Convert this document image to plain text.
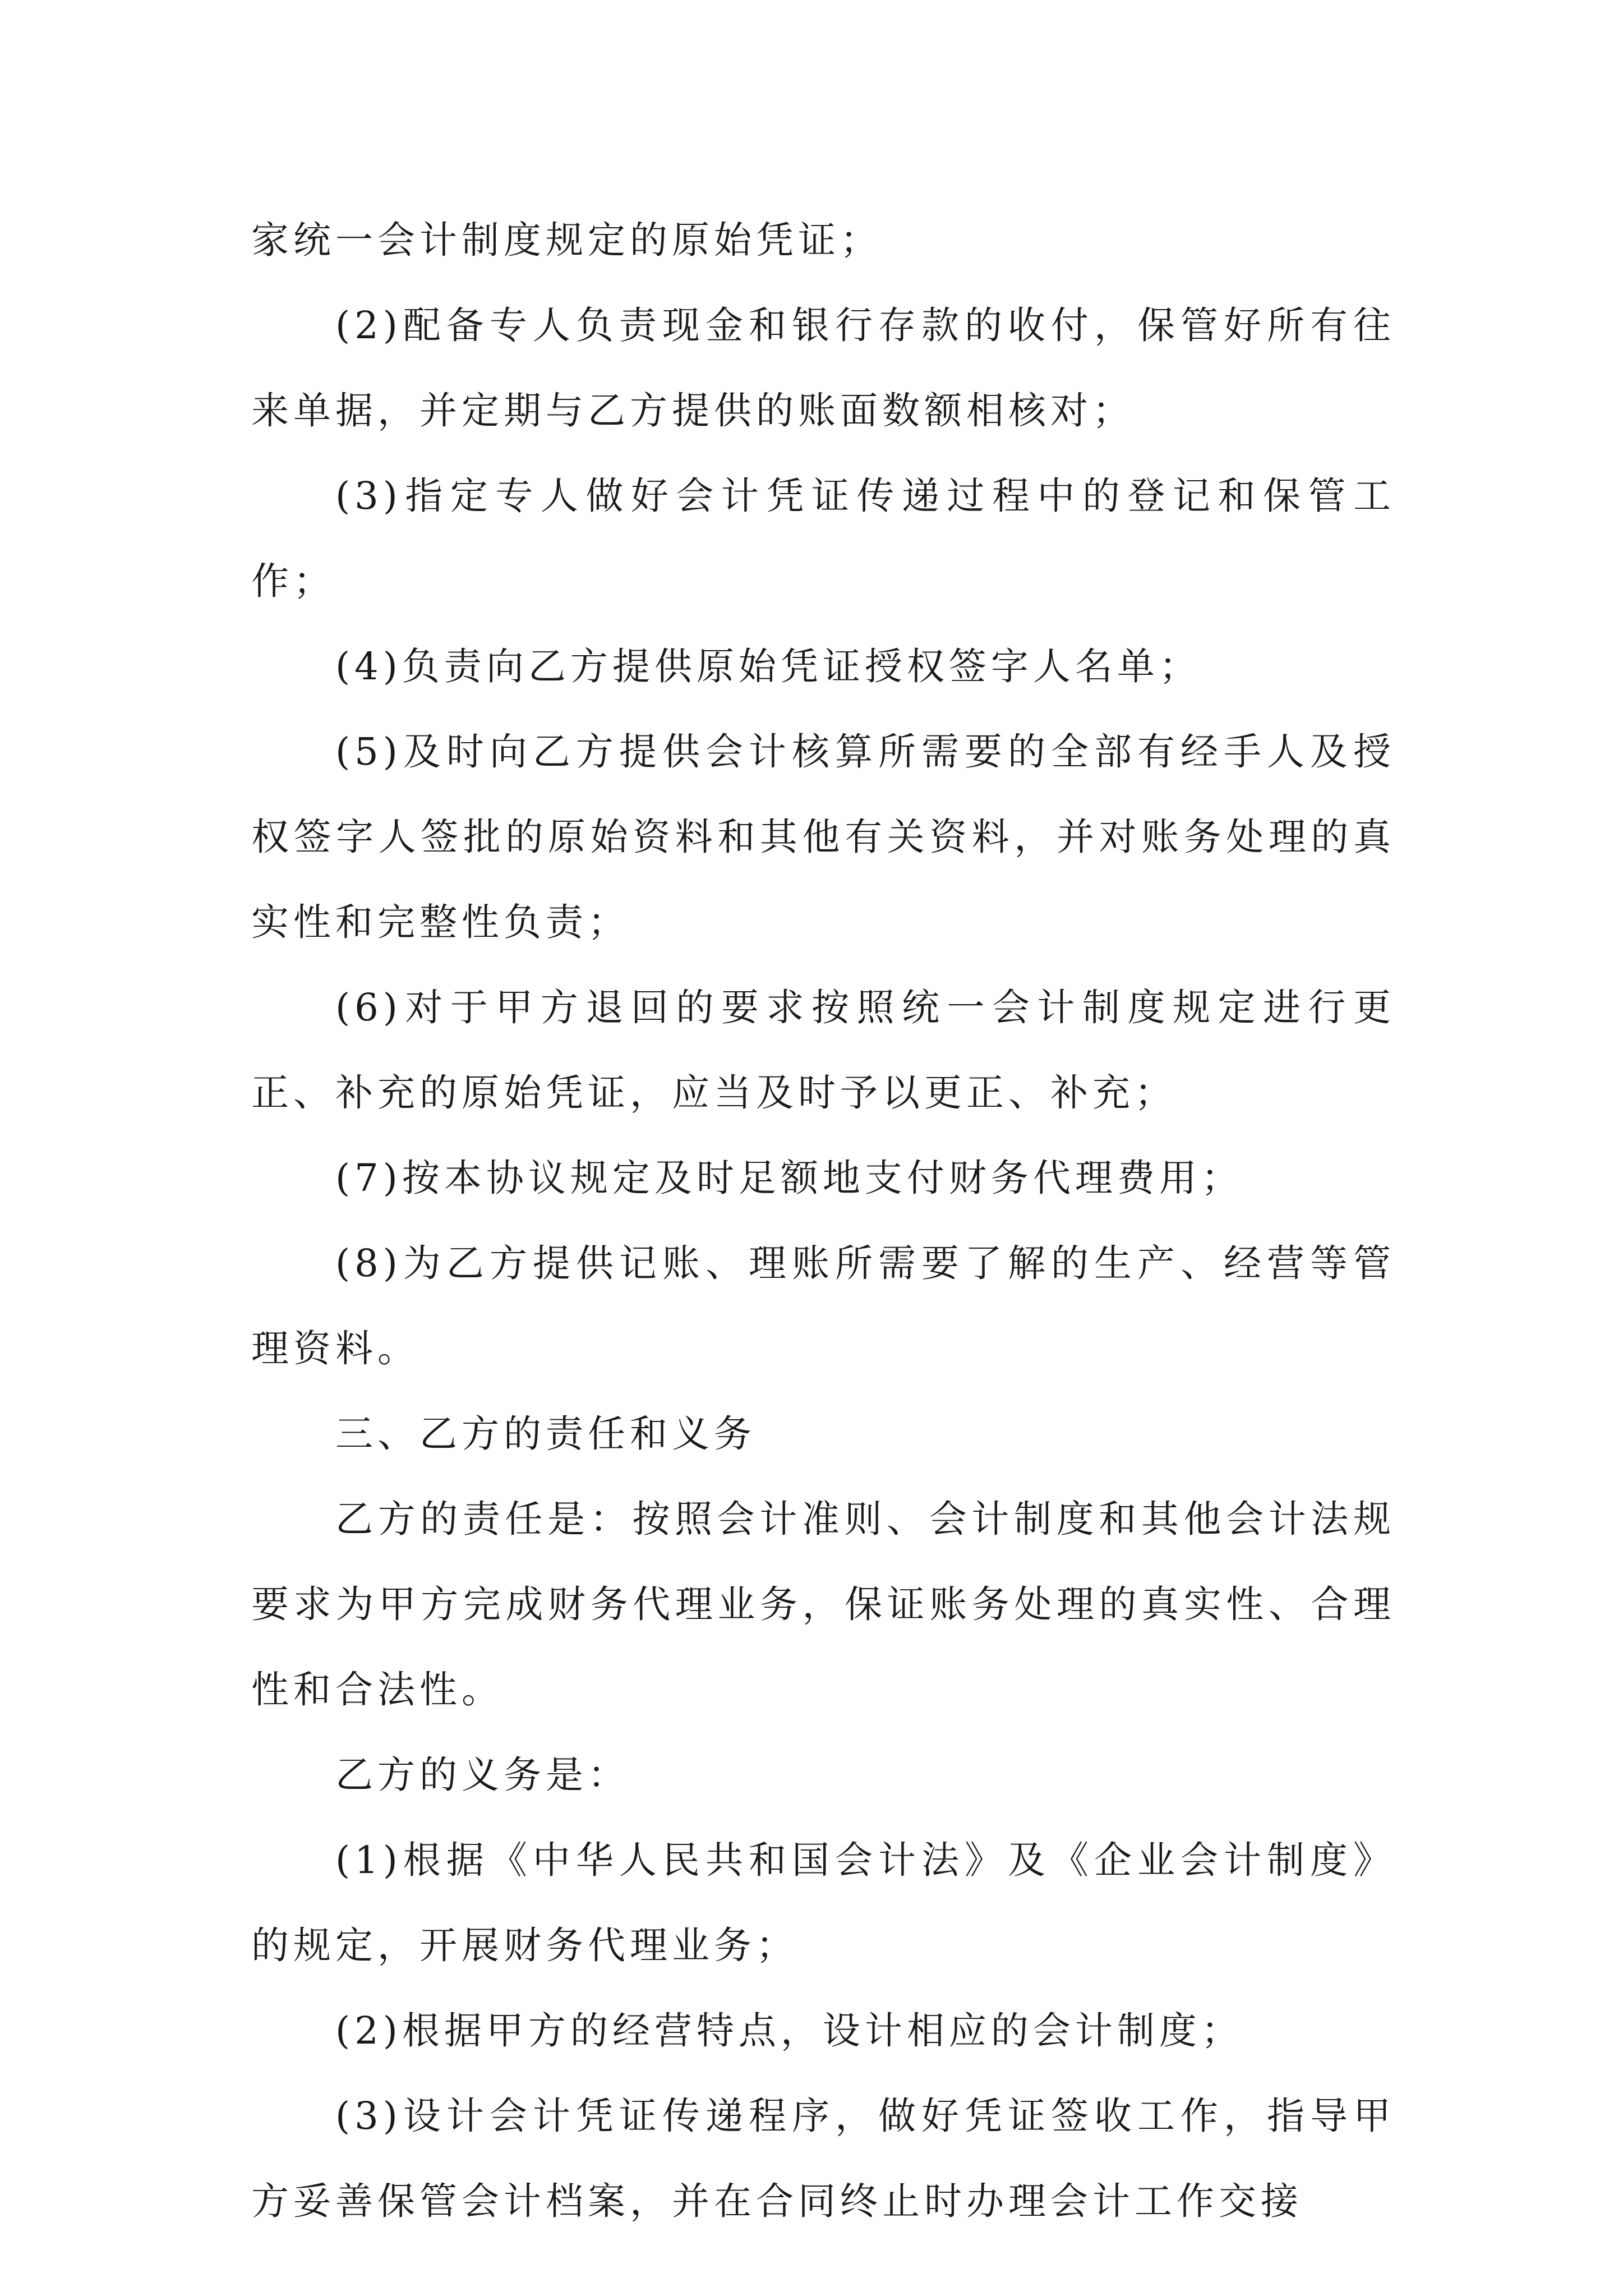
家统一会计制度规定的原始凭证；

(2)配备专人负责现金和银行存款的收付，保管好所有往来单据，并定期与乙方提供的账面数额相核对；

(3)指定专人做好会计凭证传递过程中的登记和保管工作；

(4)负责向乙方提供原始凭证授权签字人名单；

(5)及时向乙方提供会计核算所需要的全部有经手人及授权签字人签批的原始资料和其他有关资料，并对账务处理的真实性和完整性负责；

(6)对于甲方退回的要求按照统一会计制度规定进行更正、补充的原始凭证，应当及时予以更正、补充；

(7)按本协议规定及时足额地支付财务代理费用；

(8)为乙方提供记账、理账所需要了解的生产、经营等管理资料。

三、乙方的责任和义务

乙方的责任是：按照会计准则、会计制度和其他会计法规要求为甲方完成财务代理业务，保证账务处理的真实性、合理性和合法性。

乙方的义务是：

(1)根据《中华人民共和国会计法》及《企业会计制度》的规定，开展财务代理业务；

(2)根据甲方的经营特点，设计相应的会计制度；

(3)设计会计凭证传递程序，做好凭证签收工作，指导甲方妥善保管会计档案，并在合同终止时办理会计工作交接
